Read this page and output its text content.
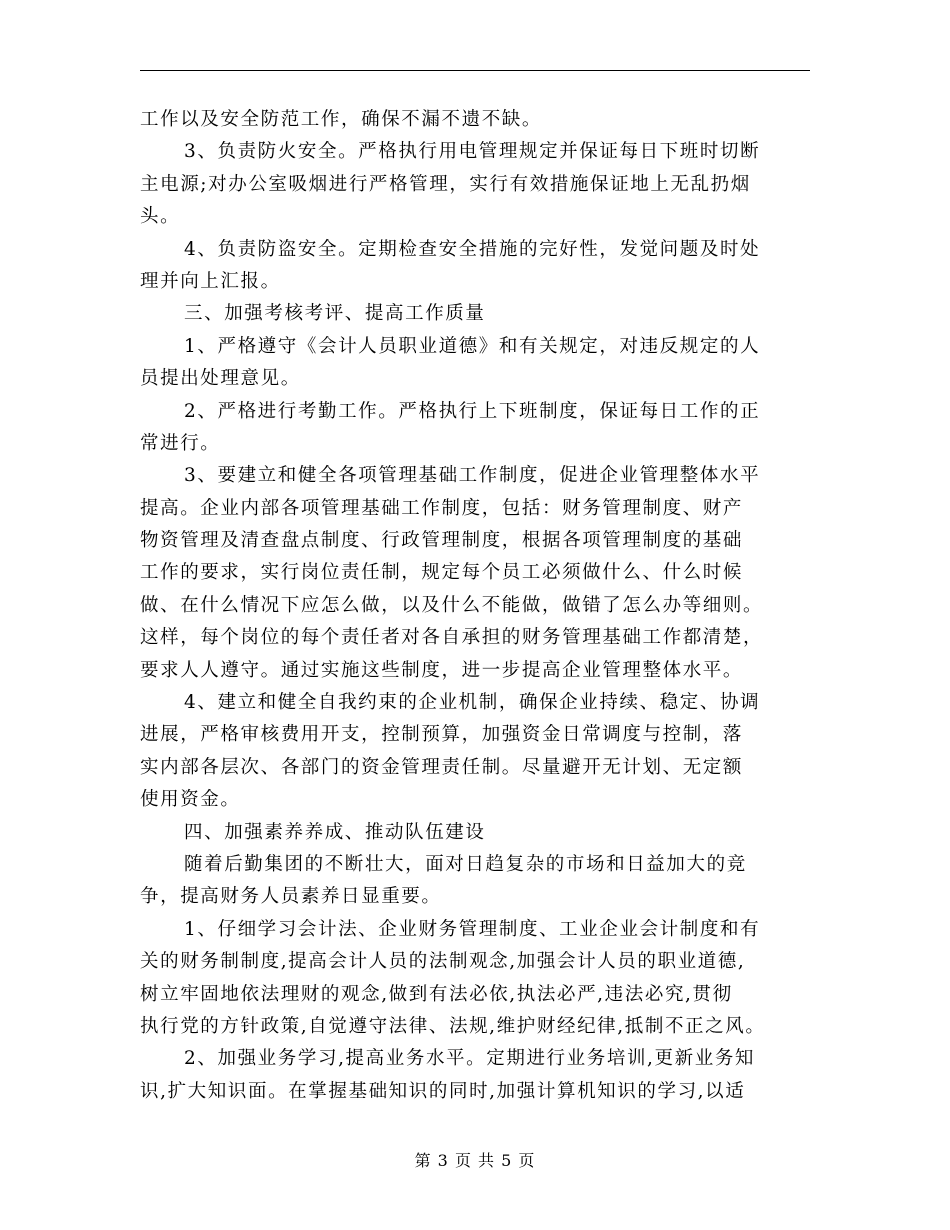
工作以及安全防范工作，确保不漏不遗不缺。
3、负责防火安全。严格执行用电管理规定并保证每日下班时切断
主电源;对办公室吸烟进行严格管理，实行有效措施保证地上无乱扔烟
头。
4、负责防盗安全。定期检查安全措施的完好性，发觉问题及时处
理并向上汇报。
三、加强考核考评、提高工作质量
1、严格遵守《会计人员职业道德》和有关规定，对违反规定的人
员提出处理意见。
2、严格进行考勤工作。严格执行上下班制度，保证每日工作的正
常进行。
3、要建立和健全各项管理基础工作制度，促进企业管理整体水平
提高。企业内部各项管理基础工作制度，包括：财务管理制度、财产
物资管理及清查盘点制度、行政管理制度，根据各项管理制度的基础
工作的要求，实行岗位责任制，规定每个员工必须做什么、什么时候
做、在什么情况下应怎么做，以及什么不能做，做错了怎么办等细则。
这样，每个岗位的每个责任者对各自承担的财务管理基础工作都清楚，
要求人人遵守。通过实施这些制度，进一步提高企业管理整体水平。
4、建立和健全自我约束的企业机制，确保企业持续、稳定、协调
进展，严格审核费用开支，控制预算，加强资金日常调度与控制，落
实内部各层次、各部门的资金管理责任制。尽量避开无计划、无定额
使用资金。
四、加强素养养成、推动队伍建设
随着后勤集团的不断壮大，面对日趋复杂的市场和日益加大的竞
争，提高财务人员素养日显重要。
1、仔细学习会计法、企业财务管理制度、工业企业会计制度和有
关的财务制制度,提高会计人员的法制观念,加强会计人员的职业道德,
树立牢固地依法理财的观念,做到有法必依,执法必严,违法必究,贯彻
执行党的方针政策,自觉遵守法律、法规,维护财经纪律,抵制不正之风。
2、加强业务学习,提高业务水平。定期进行业务培训,更新业务知
识,扩大知识面。在掌握基础知识的同时,加强计算机知识的学习,以适
第 3 页 共 5 页
